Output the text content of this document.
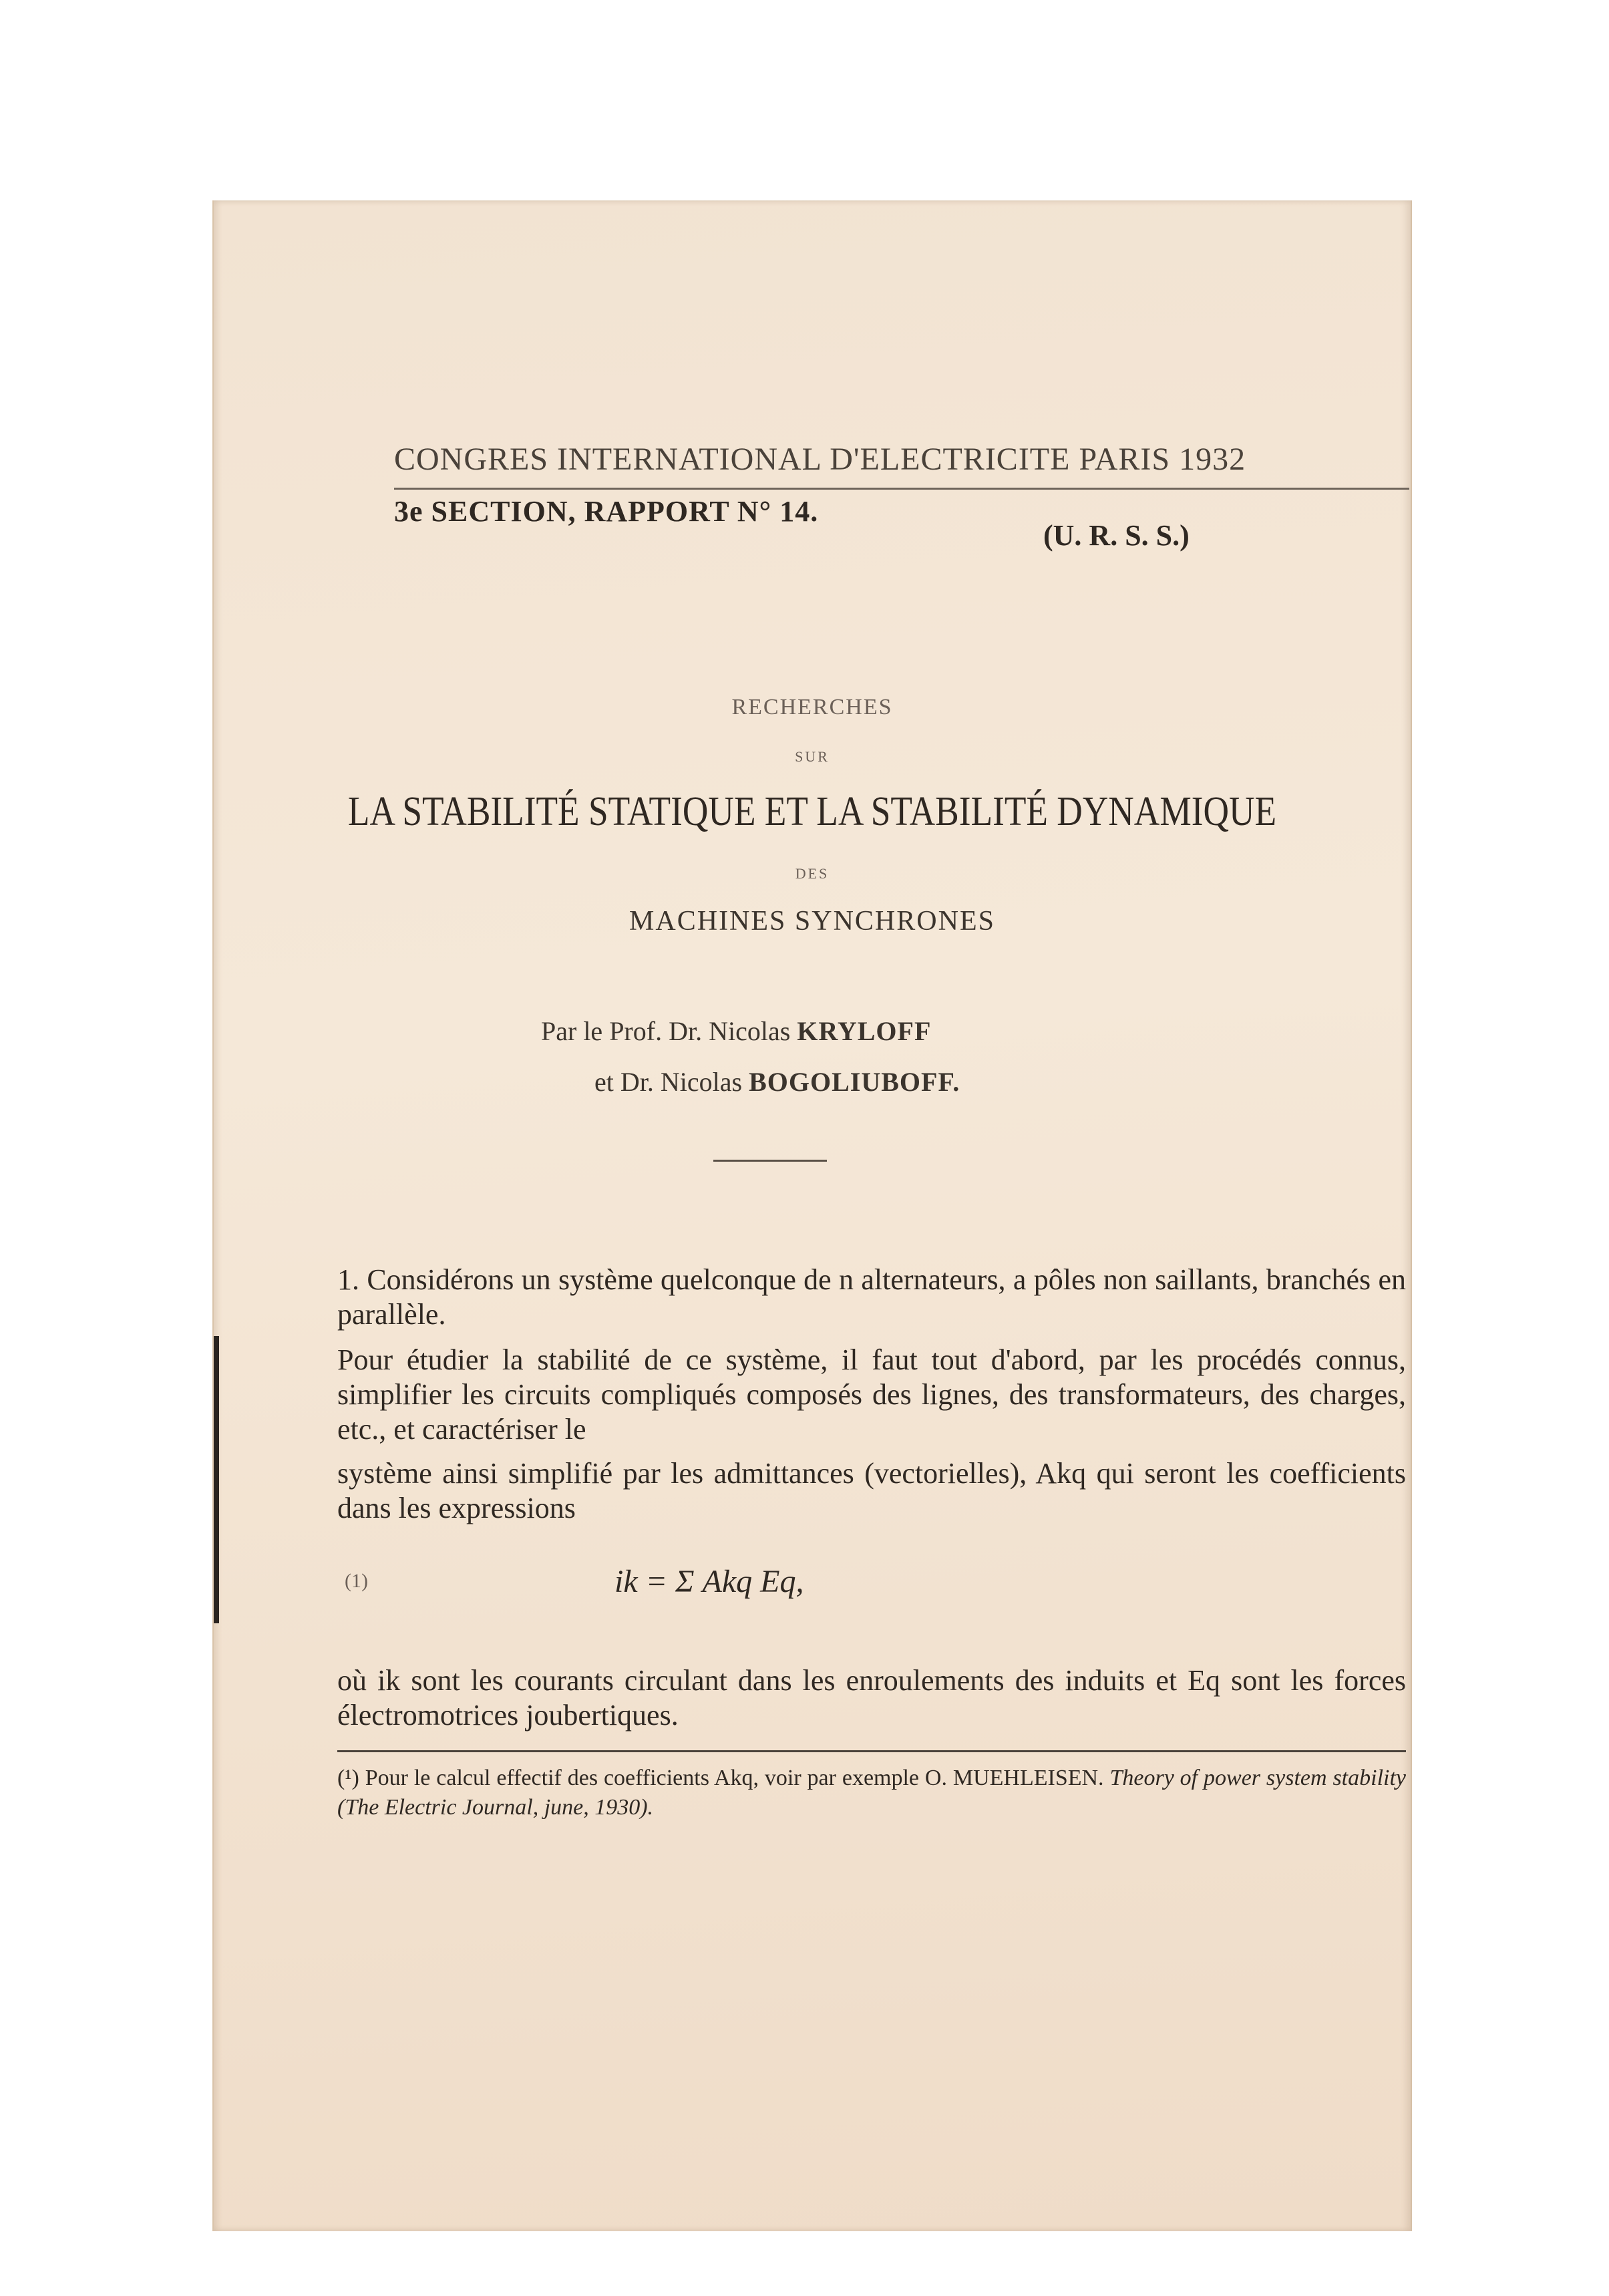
CONGRES INTERNATIONAL D'ELECTRICITE PARIS 1932
3e SECTION, RAPPORT N° 14.
(U. R. S. S.)
RECHERCHES
SUR
LA STABILITÉ STATIQUE ET LA STABILITÉ DYNAMIQUE
DES
MACHINES SYNCHRONES
Par le Prof. Dr. Nicolas KRYLOFF
et Dr. Nicolas BOGOLIUBOFF.
1. Considérons un système quelconque de n alternateurs, a pôles non saillants, branchés en parallèle.
Pour étudier la stabilité de ce système, il faut tout d'abord, par les procédés connus, simplifier les circuits compliqués composés des lignes, des transformateurs, des charges, etc., et caractériser le
système ainsi simplifié par les admittances (vectorielles), Akq qui seront les coefficients dans les expressions
(1)	ik = Σ Akq Eq,
où ik sont les courants circulant dans les enroulements des induits et Eq sont les forces électromotrices joubertiques.
(¹) Pour le calcul effectif des coefficients Akq, voir par exemple O. MUEHLEISEN. Theory of power system stability (The Electric Journal, june, 1930).
